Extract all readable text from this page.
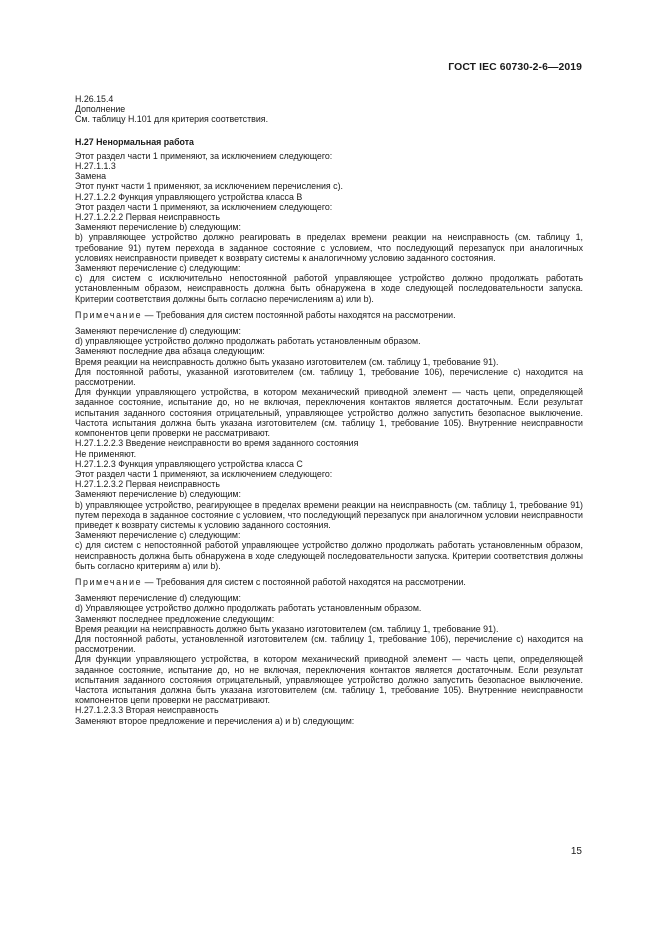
ГОСТ IEC 60730-2-6—2019

H.26.15.4

Дополнение

См. таблицу Н.101 для критерия соответствия.

Н.27 Ненормальная работа

Этот раздел части 1 применяют, за исключением следующего:

H.27.1.1.3

Замена

Этот пункт части 1 применяют, за исключением перечисления с).

Н.27.1.2.2 Функция управляющего устройства класса В

Этот раздел части 1 применяют, за исключением следующего:

Н.27.1.2.2.2 Первая неисправность

Заменяют перечисление b) следующим:

b) управляющее устройство должно реагировать в пределах времени реакции на неисправность (см. таблицу 1, требование 91) путем перехода в заданное состояние с условием, что последующий перезапуск при аналогичных условиях неисправности приведет к возврату системы к аналогичному условию заданного состояния.

Заменяют перечисление с) следующим:

с) для систем с исключительно непостоянной работой управляющее устройство должно продолжать работать установленным образом, неисправность должна быть обнаружена в ходе следующей последовательности запуска. Критерии соответствия должны быть согласно перечислениям а) или b).

Примечание — Требования для систем постоянной работы находятся на рассмотрении.

Заменяют перечисление d) следующим:

d) управляющее устройство должно продолжать работать установленным образом.

Заменяют последние два абзаца следующим:

Время реакции на неисправность должно быть указано изготовителем (см. таблицу 1, требование 91).

Для постоянной работы, указанной изготовителем (см. таблицу 1, требование 106), перечисление с) находится на рассмотрении.

Для функции управляющего устройства, в котором механический приводной элемент — часть цепи, определяющей заданное состояние, испытание до, но не включая, переключения контактов является достаточным. Если результат испытания заданного состояния отрицательный, управляющее устройство должно запустить безопасное выключение. Частота испытания должна быть указана изготовителем (см. таблицу 1, требование 105). Внутренние неисправности компонентов цепи проверки не рассматривают.

Н.27.1.2.2.3 Введение неисправности во время заданного состояния

Не применяют.

Н.27.1.2.3 Функция управляющего устройства класса С

Этот раздел части 1 применяют, за исключением следующего:

Н.27.1.2.3.2 Первая неисправность

Заменяют перечисление b) следующим:

b) управляющее устройство, реагирующее в пределах времени реакции на неисправность (см. таблицу 1, требование 91) путем перехода в заданное состояние с условием, что последующий перезапуск при аналогичном условии неисправности приведет к возврату системы к условию заданного состояния.

Заменяют перечисление с) следующим:

с) для систем с непостоянной работой управляющее устройство должно продолжать работать установленным образом, неисправность должна быть обнаружена в ходе следующей последовательности запуска. Критерии соответствия должны быть согласно критериям а) или b).

Примечание — Требования для систем с постоянной работой находятся на рассмотрении.

Заменяют перечисление d) следующим:

d) Управляющее устройство должно продолжать работать установленным образом.

Заменяют последнее предложение следующим:

Время реакции на неисправность должно быть указано изготовителем (см. таблицу 1, требование 91).

Для постоянной работы, установленной изготовителем (см. таблицу 1, требование 106), перечисление с) находится на рассмотрении.

Для функции управляющего устройства, в котором механический приводной элемент — часть цепи, определяющей заданное состояние, испытание до, но не включая, переключения контактов является достаточным. Если результат испытания заданного состояния отрицательный, управляющее устройство должно запустить безопасное выключение. Частота испытания должна быть указана изготовителем (см. таблицу 1, требование 105). Внутренние неисправности компонентов цепи проверки не рассматривают.

Н.27.1.2.3.3 Вторая неисправность

Заменяют второе предложение и перечисления а) и b) следующим:

15
